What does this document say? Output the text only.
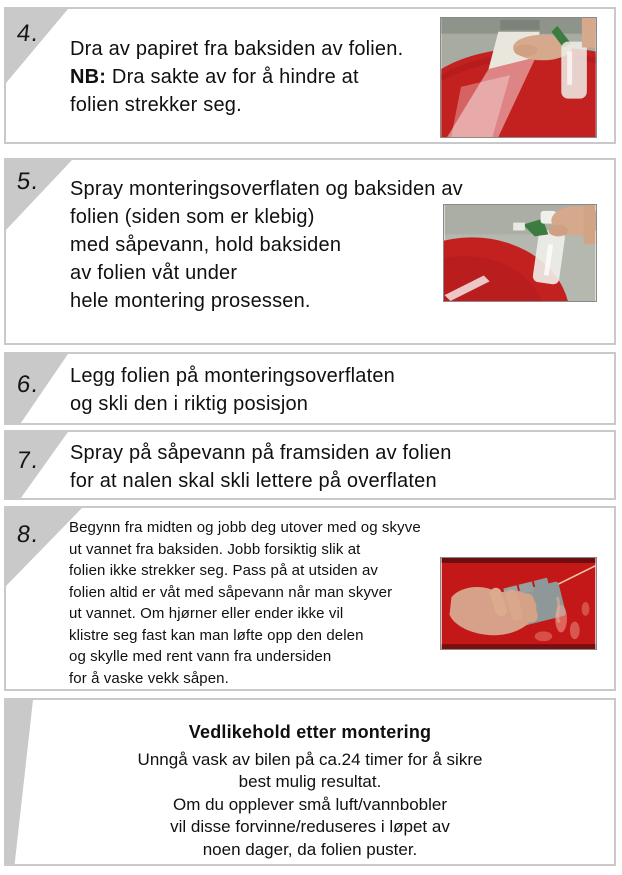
4.
Dra av papiret fra baksiden av folien.
NB: Dra sakte av for å hindre at
folien strekker seg.
5. Spray monteringsoverflaten og baksiden av
folien (siden som er klebig)
med såpevann, hold baksiden
av folien våt under
hele montering prosessen.
6. Legg folien på monteringsoverflaten
og skli den i riktig posisjon
7. Spray på såpevann på framsiden av folien
for at nalen skal skli lettere på overflaten
8. Begynn fra midten og jobb deg utover med og skyve
ut vannet fra baksiden. Jobb forsiktig slik at
folien ikke strekker seg. Pass på at utsiden av
folien altid er våt med såpevann når man skyver
ut vannet. Om hjørner eller ender ikke vil
klistre seg fast kan man løfte opp den delen
og skylle med rent vann fra undersiden
for å vaske vekk såpen.
Vedlikehold etter montering
Unngå vask av bilen på ca.24 timer for å sikre
best mulig resultat.
Om du opplever små luft/vannbobler
vil disse forvinne/reduseres i løpet av
noen dager, da folien puster.
